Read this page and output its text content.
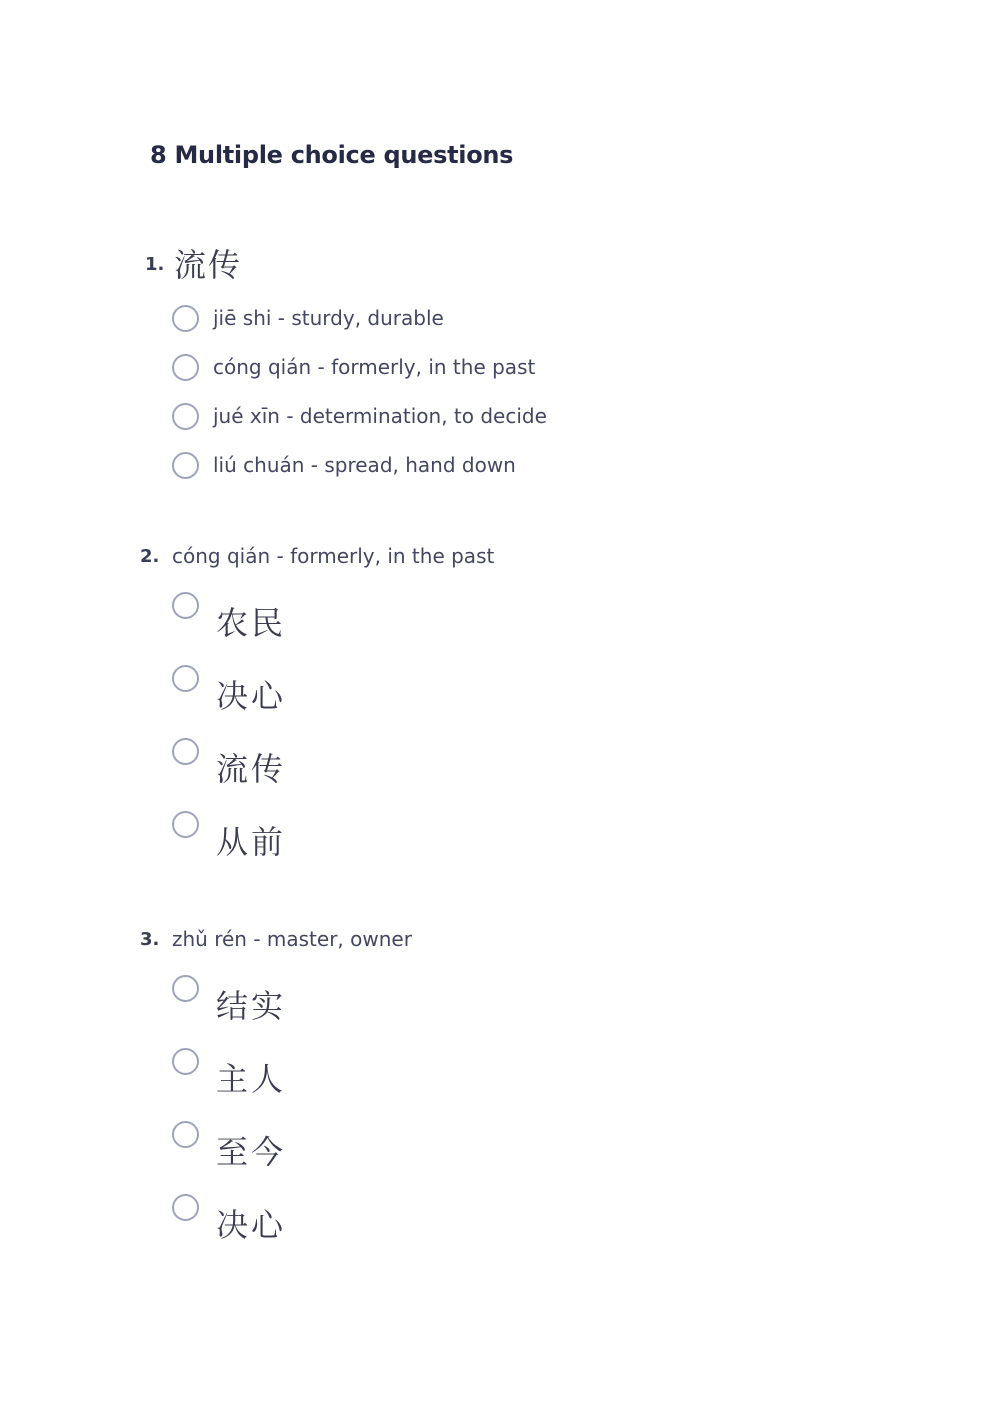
8 Multiple choice questions
1. 流传
jiē shi - sturdy, durable
cóng qián - formerly, in the past
jué xīn - determination, to decide
liú chuán - spread, hand down
2. cóng qián - formerly, in the past
农民
决心
流传
从前
3. zhǔ rén - master, owner
结实
主人
至今
决心
